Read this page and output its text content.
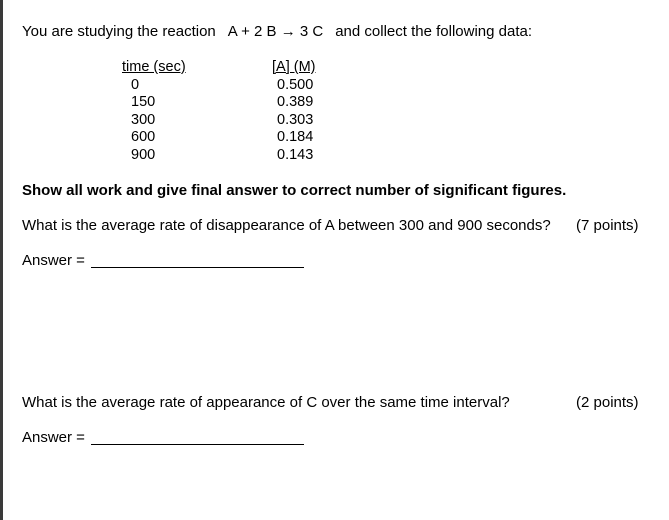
You are studying the reaction A + 2 B → 3 C and collect the following data:
time (sec)
0
150
300
600
900
[A] (M)
0.500
0.389
0.303
0.184
0.143
Show all work and give final answer to correct number of significant figures.
What is the average rate of disappearance of A between 300 and 900 seconds? (7 points)
Answer =
What is the average rate of appearance of C over the same time interval?	(2 points)
Answer =
